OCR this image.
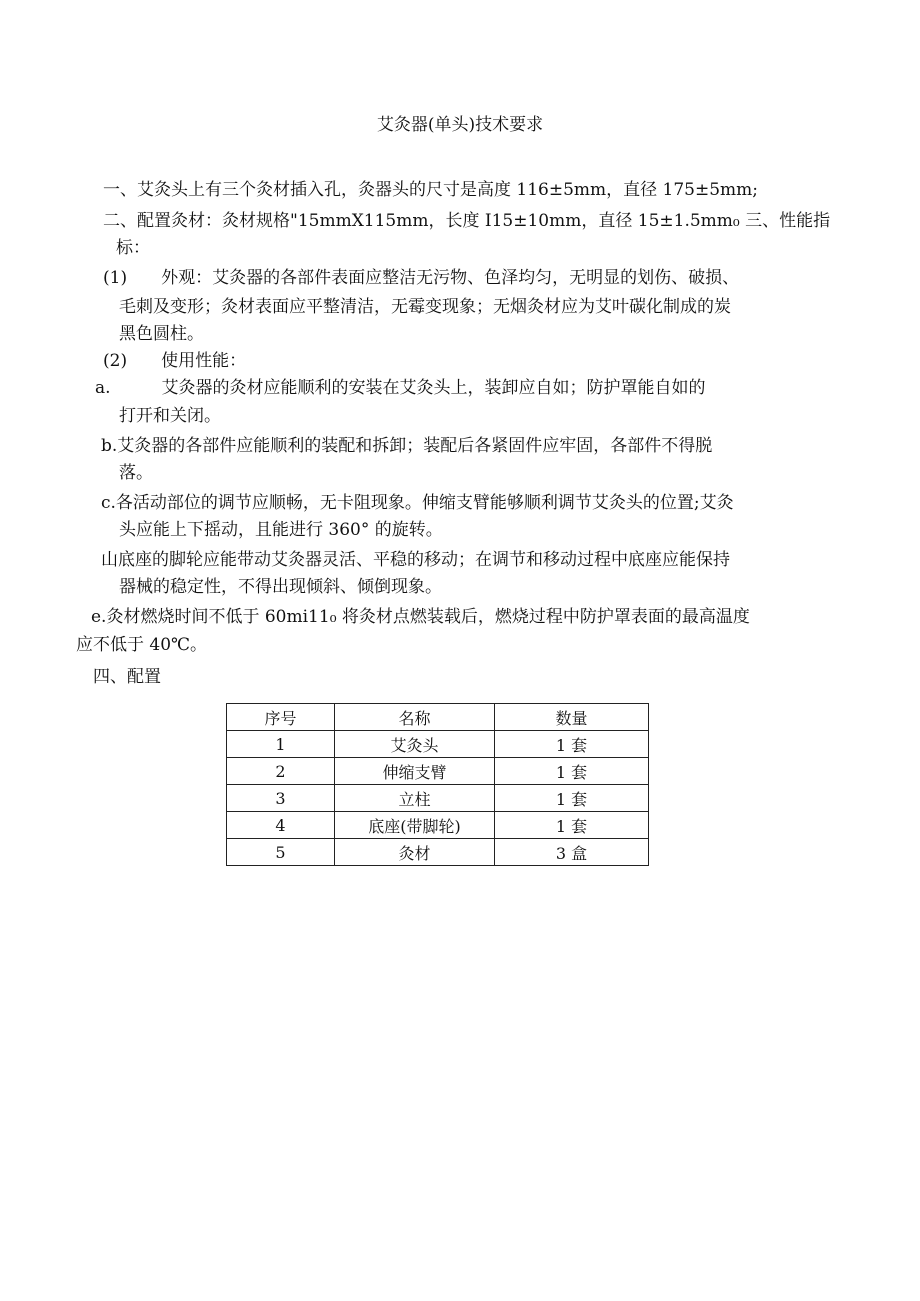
艾灸器(单头)技术要求
一、艾灸头上有三个灸材插入孔，灸器头的尺寸是高度 116±5mm，直径 175±5mm;
二、配置灸材：灸材规格"15mmX115mm，长度 I15±10mm，直径 15±1.5mm₀ 三、性能指
标：
(1)　　外观：艾灸器的各部件表面应整洁无污物、色泽均匀，无明显的划伤、破损、
毛刺及变形；灸材表面应平整清洁，无霉变现象；无烟灸材应为艾叶碳化制成的炭
黑色圆柱。
(2)　　使用性能：
a.　　　艾灸器的灸材应能顺利的安装在艾灸头上，装卸应自如；防护罩能自如的
打开和关闭。
b.艾灸器的各部件应能顺利的装配和拆卸；装配后各紧固件应牢固，各部件不得脱
落。
c.各活动部位的调节应顺畅，无卡阻现象。伸缩支臂能够顺利调节艾灸头的位置;艾灸
头应能上下摇动，且能进行 360° 的旋转。
山底座的脚轮应能带动艾灸器灵活、平稳的移动；在调节和移动过程中底座应能保持
器械的稳定性，不得出现倾斜、倾倒现象。
e.灸材燃烧时间不低于 60mi11₀ 将灸材点燃装载后，燃烧过程中防护罩表面的最高温度
应不低于 40℃。
四、配置
序号	名称	数量
1	艾灸头	1 套
2	伸缩支臂	1 套
3	立柱	1 套
4	底座(带脚轮)	1 套
5	灸材	3 盒
